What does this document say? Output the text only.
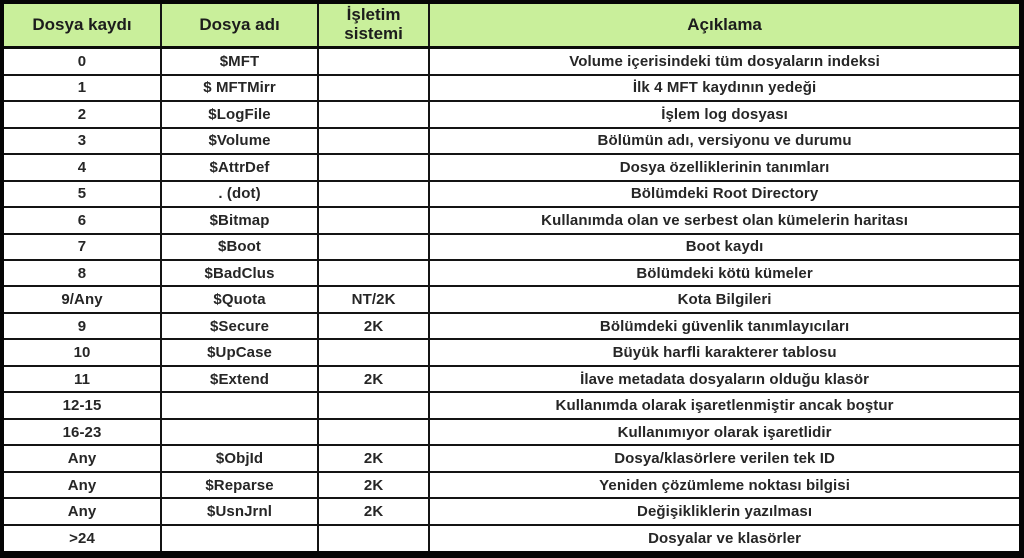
Dosya kaydı	Dosya adı	İşletim sistemi	Açıklama
0	$MFT		Volume içerisindeki tüm dosyaların indeksi
1	$ MFTMirr		İlk 4 MFT kaydının yedeği
2	$LogFile		İşlem log dosyası
3	$Volume		Bölümün adı, versiyonu ve durumu
4	$AttrDef		Dosya özelliklerinin tanımları
5	. (dot)		Bölümdeki Root Directory
6	$Bitmap		Kullanımda olan ve serbest olan kümelerin haritası
7	$Boot		Boot kaydı
8	$BadClus		Bölümdeki kötü kümeler
9/Any	$Quota	NT/2K	Kota Bilgileri
9	$Secure	2K	Bölümdeki güvenlik tanımlayıcıları
10	$UpCase		Büyük harfli karakterer tablosu
11	$Extend	2K	İlave metadata dosyaların olduğu klasör
12-15			Kullanımda olarak işaretlenmiştir ancak boştur
16-23			Kullanımıyor olarak işaretlidir
Any	$ObjId	2K	Dosya/klasörlere verilen tek ID
Any	$Reparse	2K	Yeniden çözümleme noktası bilgisi
Any	$UsnJrnl	2K	Değişikliklerin yazılması
>24			Dosyalar ve klasörler
